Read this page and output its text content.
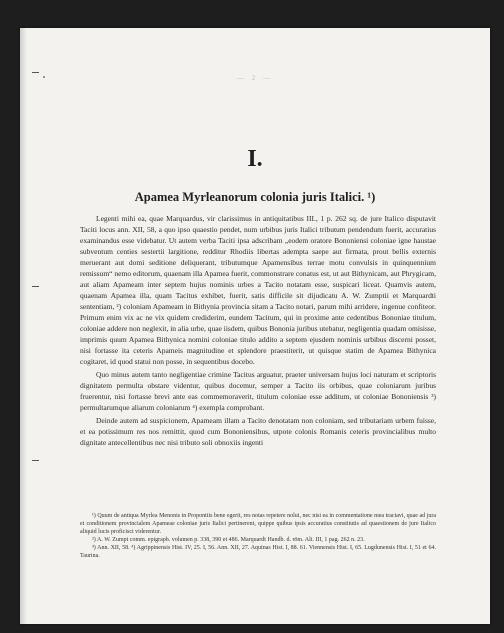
— 2 —
I.
Apamea Myrleanorum colonia juris Italici. ¹)

Legenti mihi ea, quae Marquardus, vir clarissimus in antiquitatibus III., 1 p. 262 sq. de jure Italico disputavit Taciti locus ann. XII, 58, a quo ipso quaestio pendet, num urbibus juris Italici tributum pendendum fuerit, accuratius examinandus esse videbatur. Ut autem verba Taciti ipsa adscribam „eodem oratore Bononiensi coloniae igne haustae subventum centies sestertii largitione, redditur Rhodiis libertas adempta saepe aut firmata, prout bellis externis meruerant aut domi seditione deliquerant, tributumque Apamensibus terrae motu convulsis in quinquennium remissum“ nemo editorum, quaenam illa Apamea fuerit, commonstrare conatus est, ut aut Bithynicam, aut Phrygicam, aut aliam Apameam inter septem hujus nominis urbes a Tacito notatam esse, suspicari liceat. Quamvis autem, quaenam Apamea illa, quam Tacitus exhibet, fuerit, satis difficile sit dijudicatu A. W. Zumptii et Marquardti sententiam, ²) coloniam Apameam in Bithynia provincia sitam a Tacito notari, parum mihi arridere, ingenue confiteor. Primum enim vix ac ne vix quidem crediderim, eundem Tacitum, qui in proxime ante cedentibus Bononiae titulum, coloniae addere non neglexit, in alia urbe, quae iisdem, quibus Bononia juribus utebatur, negligentia quadam omisisse, imprimis quum Apamea Bithynica nomini coloniae titulo addito a septem ejusdem nominis urbibus discerni posset, nisi fortasse ita ceteris Apameis magnitudine et splendore praestiterit, ut quisque statim de Apamea Bithynica cogitaret, id quod statui non posse, in sequentibus docebo.

Quo minus autem tanto negligentiae crimine Tacitus arguatur, praeter universam hujus loci naturam et scriptoris dignitatem permulta obstare videntur, quibus docemur, semper a Tacito iis orbibus, quae coloniarum juribus fruerentur, nisi fortasse brevi ante eas commemoraverit, titulum coloniae esse additum, ut coloniae Bononiensis ³) permultarumque aliarum coloniarum ⁴) exempla comprobant.

Deinde autem ad suspicionem, Apameam illam a Tacito denotatam non coloniam, sed tributariam urbem fuisse, et ea potissimum res nos remittit, quod cum Bononiensibus, utpote colonis Romanis ceteris provincialibus multo dignitate antecellentibus nec nisi tributo soli obnoxiis ingenti

¹) Quum de antiqua Myrlea Menonis in Propontiis bene egerit, res notas repetere nolui, nec nisi ea in commentatione mea tractavi, quae ad jura et conditionem provincialem Apameae coloniae juris Italici pertinerent, quippe quibus ipsis accuratius constitutis ad quaestionem de jure Italico aliquid lucis proficisci viderentur.

²) A. W. Zumpt comm. epigraph. volumen p. 338, 390 et 486. Marquardt Handb. d. röm. Alt. III, 1 pag. 262 n. 23.

³) Ann. XII, 58. ⁴) Agrippinensis Hist. IV, 25. I, 56. Ann. XII, 27. Aquinas Hist. I, 88. 61. Viennensis Hist. I, 65. Lugdunensis Hist. I, 51 et 64. Taurina.
